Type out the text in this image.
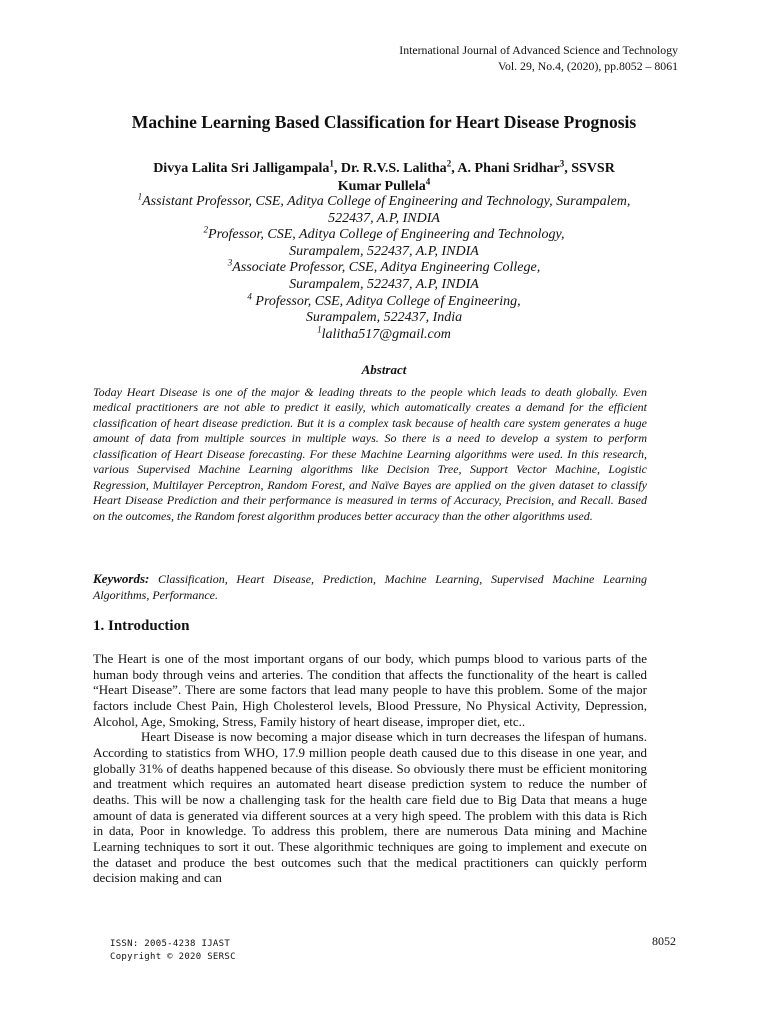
International Journal of Advanced Science and Technology
Vol. 29, No.4, (2020), pp.8052 – 8061
Machine Learning Based Classification for Heart Disease Prognosis
Divya Lalita Sri Jalligampala$^1$, Dr. R.V.S. Lalitha$^2$, A. Phani Sridhar$^3$, SSVSR
Kumar Pullela$^4$
$^1$Assistant Professor, CSE, Aditya College of Engineering and Technology, Surampalem,
522437, A.P, INDIA
$^2$Professor, CSE, Aditya College of Engineering and Technology,
Surampalem, 522437, A.P, INDIA
$^3$Associate Professor, CSE, Aditya Engineering College,
Surampalem, 522437, A.P, INDIA
$^4$ Professor, CSE, Aditya College of Engineering,
Surampalem, 522437, India
$^1$lalitha517@gmail.com
Abstract
Today Heart Disease is one of the major & leading threats to the people which leads to death globally. Even medical practitioners are not able to predict it easily, which automatically creates a demand for the efficient classification of heart disease prediction. But it is a complex task because of health care system generates a huge amount of data from multiple sources in multiple ways. So there is a need to develop a system to perform classification of Heart Disease forecasting. For these Machine Learning algorithms were used. In this research, various Supervised Machine Learning algorithms like Decision Tree, Support Vector Machine, Logistic Regression, Multilayer Perceptron, Random Forest, and Naïve Bayes are applied on the given dataset to classify Heart Disease Prediction and their performance is measured in terms of Accuracy, Precision, and Recall. Based on the outcomes, the Random forest algorithm produces better accuracy than the other algorithms used.
Keywords: Classification, Heart Disease, Prediction, Machine Learning, Supervised Machine Learning Algorithms, Performance.
1. Introduction

The Heart is one of the most important organs of our body, which pumps blood to various parts of the human body through veins and arteries. The condition that affects the functionality of the heart is called “Heart Disease”. There are some factors that lead many people to have this problem. Some of the major factors include Chest Pain, High Cholesterol levels, Blood Pressure, No Physical Activity, Depression, Alcohol, Age, Smoking, Stress, Family history of heart disease, improper diet, etc..

Heart Disease is now becoming a major disease which in turn decreases the lifespan of humans. According to statistics from WHO, 17.9 million people death caused due to this disease in one year, and globally 31% of deaths happened because of this disease. So obviously there must be efficient monitoring and treatment which requires an automated heart disease prediction system to reduce the number of deaths. This will be now a challenging task for the health care field due to Big Data that means a huge amount of data is generated via different sources at a very high speed. The problem with this data is Rich in data, Poor in knowledge. To address this problem, there are numerous Data mining and Machine Learning techniques to sort it out. These algorithmic techniques are going to implement and execute on the dataset and produce the best outcomes such that the medical practitioners can quickly perform decision making and can

ISSN: 2005-4238 IJAST
Copyright © 2020 SERSC
8052
